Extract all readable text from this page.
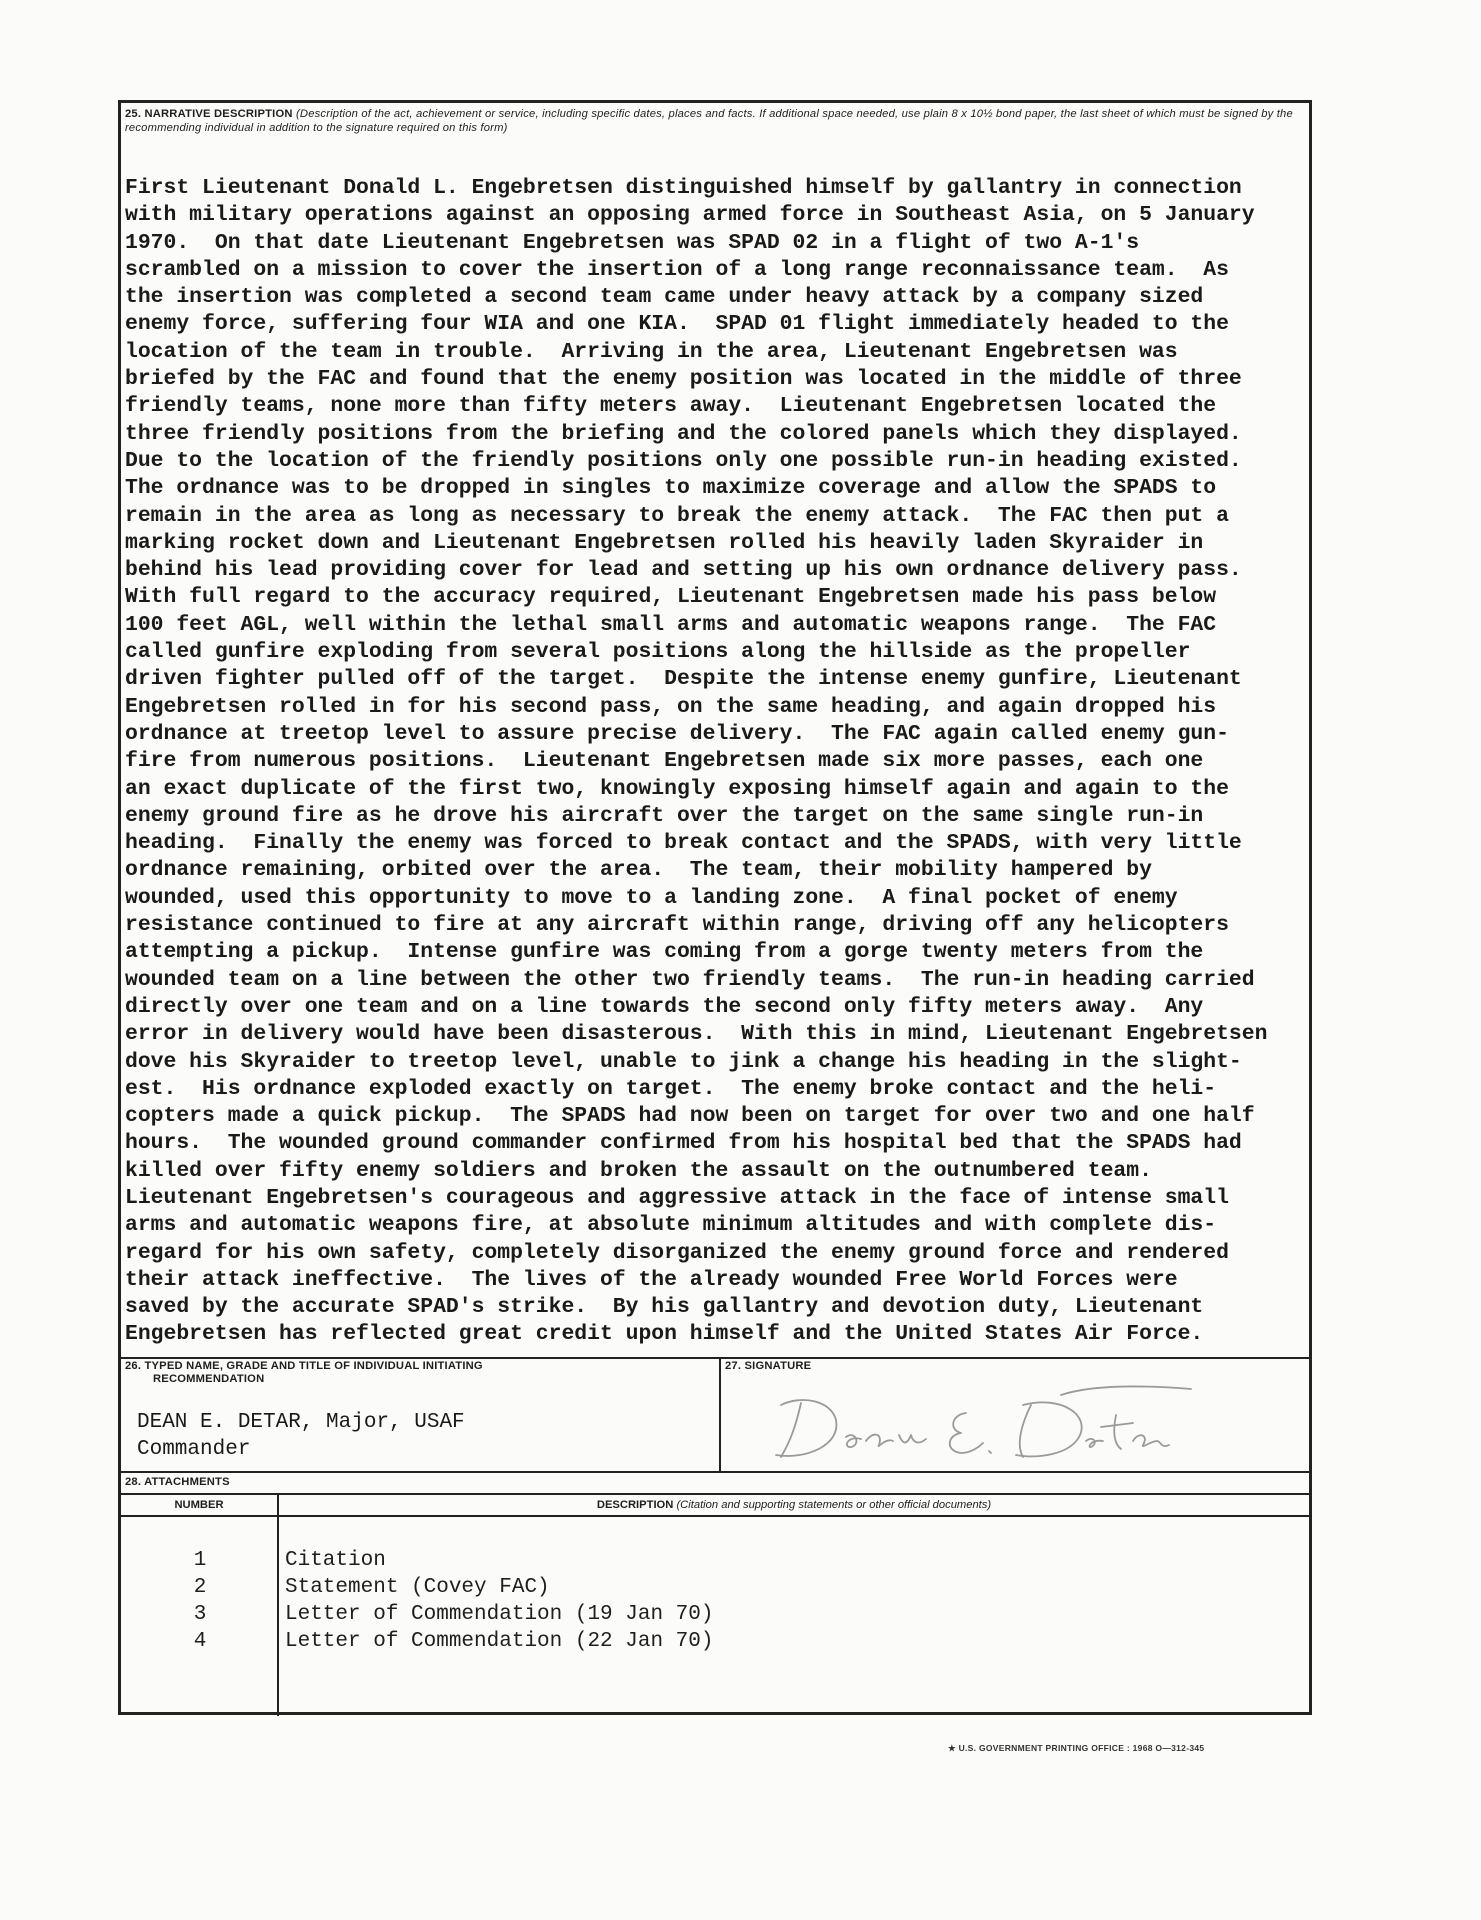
25. NARRATIVE DESCRIPTION (Description of the act, achievement or service, including specific dates, places and facts. If additional space needed, use plain 8 x 10½ bond paper, the last sheet of which must be signed by the recommending individual in addition to the signature required on this form)
First Lieutenant Donald L. Engebretsen distinguished himself by gallantry in connection
with military operations against an opposing armed force in Southeast Asia, on 5 January
1970.  On that date Lieutenant Engebretsen was SPAD 02 in a flight of two A-1's
scrambled on a mission to cover the insertion of a long range reconnaissance team.  As
the insertion was completed a second team came under heavy attack by a company sized
enemy force, suffering four WIA and one KIA.  SPAD 01 flight immediately headed to the
location of the team in trouble.  Arriving in the area, Lieutenant Engebretsen was
briefed by the FAC and found that the enemy position was located in the middle of three
friendly teams, none more than fifty meters away.  Lieutenant Engebretsen located the
three friendly positions from the briefing and the colored panels which they displayed.
Due to the location of the friendly positions only one possible run-in heading existed.
The ordnance was to be dropped in singles to maximize coverage and allow the SPADS to
remain in the area as long as necessary to break the enemy attack.  The FAC then put a
marking rocket down and Lieutenant Engebretsen rolled his heavily laden Skyraider in
behind his lead providing cover for lead and setting up his own ordnance delivery pass.
With full regard to the accuracy required, Lieutenant Engebretsen made his pass below
100 feet AGL, well within the lethal small arms and automatic weapons range.  The FAC
called gunfire exploding from several positions along the hillside as the propeller
driven fighter pulled off of the target.  Despite the intense enemy gunfire, Lieutenant
Engebretsen rolled in for his second pass, on the same heading, and again dropped his
ordnance at treetop level to assure precise delivery.  The FAC again called enemy gun-
fire from numerous positions.  Lieutenant Engebretsen made six more passes, each one
an exact duplicate of the first two, knowingly exposing himself again and again to the
enemy ground fire as he drove his aircraft over the target on the same single run-in
heading.  Finally the enemy was forced to break contact and the SPADS, with very little
ordnance remaining, orbited over the area.  The team, their mobility hampered by
wounded, used this opportunity to move to a landing zone.  A final pocket of enemy
resistance continued to fire at any aircraft within range, driving off any helicopters
attempting a pickup.  Intense gunfire was coming from a gorge twenty meters from the
wounded team on a line between the other two friendly teams.  The run-in heading carried
directly over one team and on a line towards the second only fifty meters away.  Any
error in delivery would have been disasterous.  With this in mind, Lieutenant Engebretsen
dove his Skyraider to treetop level, unable to jink a change his heading in the slight-
est.  His ordnance exploded exactly on target.  The enemy broke contact and the heli-
copters made a quick pickup.  The SPADS had now been on target for over two and one half
hours.  The wounded ground commander confirmed from his hospital bed that the SPADS had
killed over fifty enemy soldiers and broken the assault on the outnumbered team.
Lieutenant Engebretsen's courageous and aggressive attack in the face of intense small
arms and automatic weapons fire, at absolute minimum altitudes and with complete dis-
regard for his own safety, completely disorganized the enemy ground force and rendered
their attack ineffective.  The lives of the already wounded Free World Forces were
saved by the accurate SPAD's strike.  By his gallantry and devotion duty, Lieutenant
Engebretsen has reflected great credit upon himself and the United States Air Force.
26. TYPED NAME, GRADE AND TITLE OF INDIVIDUAL INITIATING
RECOMMENDATION
DEAN E. DETAR, Major, USAF
Commander
27. SIGNATURE
28. ATTACHMENTS
NUMBER	DESCRIPTION (Citation and supporting statements or other official documents)
1
2
3
4
Citation
Statement (Covey FAC)
Letter of Commendation (19 Jan 70)
Letter of Commendation (22 Jan 70)
★ U.S. GOVERNMENT PRINTING OFFICE : 1968 O—312-345
